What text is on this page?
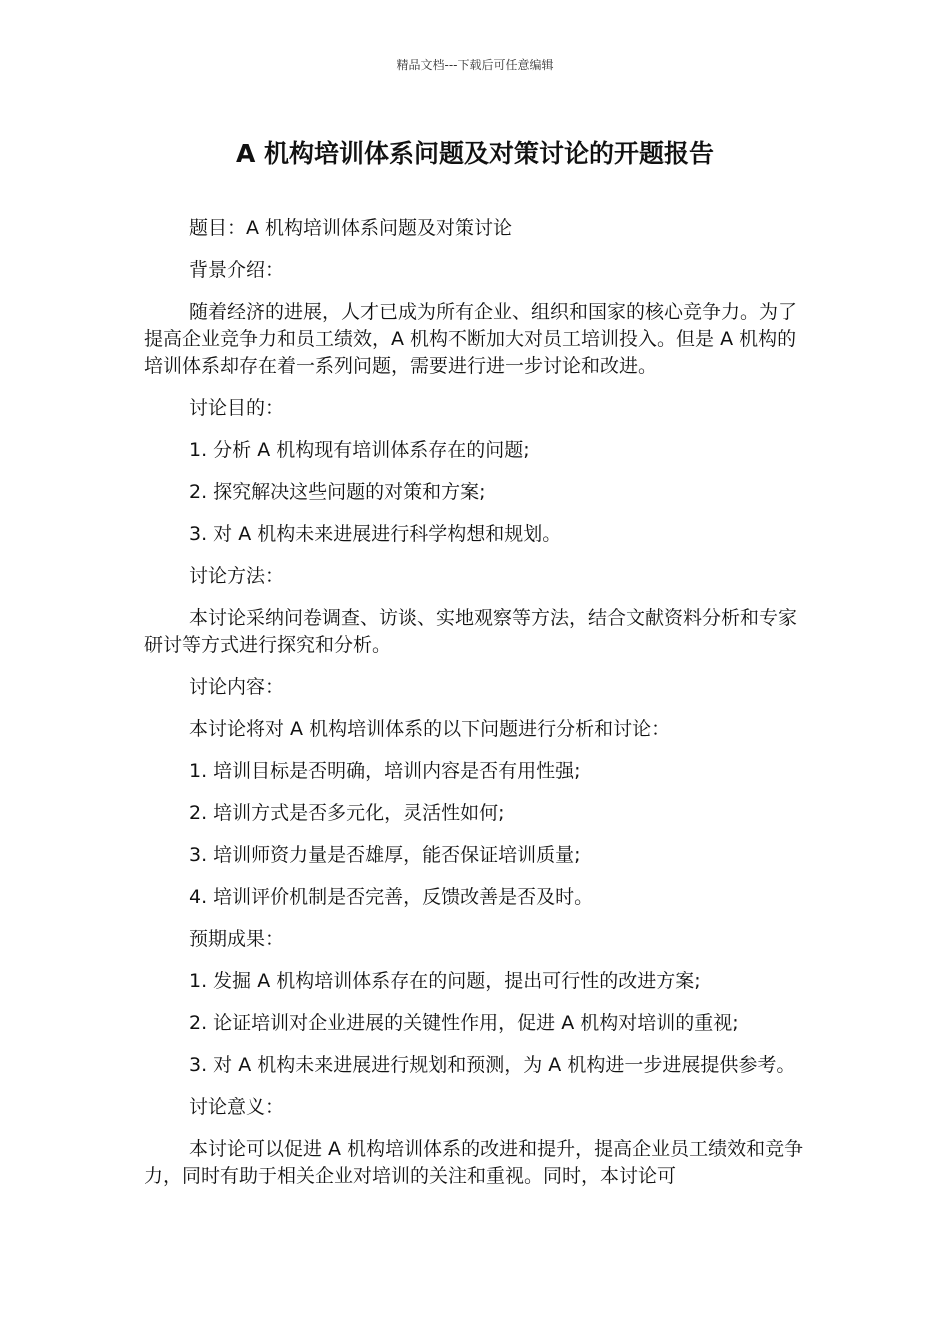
精品文档---下载后可任意编辑
A 机构培训体系问题及对策讨论的开题报告

题目：A 机构培训体系问题及对策讨论

背景介绍：

随着经济的进展，人才已成为所有企业、组织和国家的核心竞争力。为了提高企业竞争力和员工绩效，A 机构不断加大对员工培训投入。但是 A 机构的培训体系却存在着一系列问题，需要进行进一步讨论和改进。

讨论目的：

1. 分析 A 机构现有培训体系存在的问题;

2. 探究解决这些问题的对策和方案;

3. 对 A 机构未来进展进行科学构想和规划。

讨论方法：

本讨论采纳问卷调查、访谈、实地观察等方法，结合文献资料分析和专家研讨等方式进行探究和分析。

讨论内容：

本讨论将对 A 机构培训体系的以下问题进行分析和讨论：

1. 培训目标是否明确，培训内容是否有用性强;

2. 培训方式是否多元化，灵活性如何;

3. 培训师资力量是否雄厚，能否保证培训质量;

4. 培训评价机制是否完善，反馈改善是否及时。

预期成果：

1. 发掘 A 机构培训体系存在的问题，提出可行性的改进方案;

2. 论证培训对企业进展的关键性作用，促进 A 机构对培训的重视;

3. 对 A 机构未来进展进行规划和预测，为 A 机构进一步进展提供参考。

讨论意义：

本讨论可以促进 A 机构培训体系的改进和提升，提高企业员工绩效和竞争力，同时有助于相关企业对培训的关注和重视。同时，本讨论可
